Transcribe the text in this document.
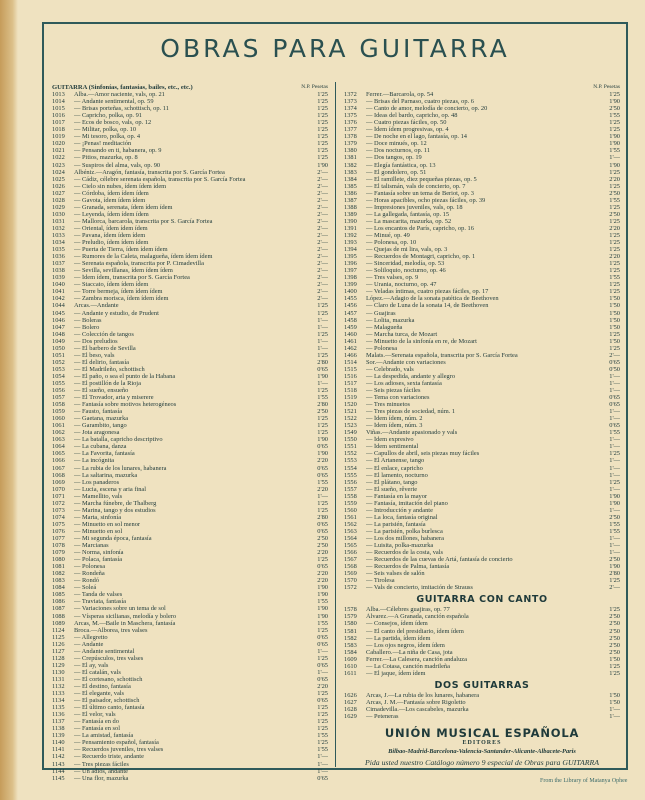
OBRAS PARA GUITARRA
GUITARRA (Sinfonías, fantasías, bailes, etc., etc.)	N.P. Pesetas
1013	Alba.—Amor naciente, vals, op. 21	1'25
1014	— Andante sentimental, op. 59	1'25
1015	— Brisas porteñas, schottisch, op. 11	1'25
1016	— Capricho, polka, op. 91	1'25
1017	— Ecos de bosco, vals, op. 12	1'25
1018	— Militar, polka, op. 10	1'25
1019	— Mi tesoro, polka, op. 4	1'25
1020	— ¡Penas! meditación	1'25
1021	— Pensando en ti, habanera, op. 9	1'25
1022	— Pitios, mazurka, op. 8	1'25
1023	— Suspiros del alma, vals, op. 90	1'90
1024	Albéniz.—Aragón, fantasía, transcrita por S. García Fortea	2'—
1025	— Cádiz, célebre serenata española, transcrita por S. García Fortea	2'—
1026	— Cielo sin nubes, ídem ídem ídem	2'—
1027	— Córdoba, ídem ídem ídem	2'—
1028	— Gavota, ídem ídem ídem	2'—
1029	— Granada, serenata, ídem ídem ídem	2'—
1030	— Leyenda, ídem ídem ídem	2'—
1031	— Mallorca, barcarola, transcrita por S. García Fortea	2'—
1032	— Oriental, ídem ídem ídem	2'—
1033	— Pavana, ídem ídem ídem	2'—
1034	— Preludio, ídem ídem ídem	2'—
1035	— Puerta de Tierra, ídem ídem ídem	2'—
1036	— Rumores de la Caleta, malagueña, ídem ídem ídem	2'—
1037	— Serenata española, transcrita por P. Cimadevilla	2'—
1038	— Sevilla, sevillanas, ídem ídem ídem	2'—
1039	— Ídem ídem, transcrita por S. García Fortea	2'—
1040	— Staccato, ídem ídem ídem	2'—
1041	— Torre bermeja, ídem ídem ídem	2'—
1042	— Zambra morisca, ídem ídem ídem	2'—
1044	Arcas.—Andante	1'25
1045	— Andante y estudio, de Prudent	1'25
1046	— Boleras	1'—
1047	— Bolero	1'—
1048	— Colección de tangos	1'25
1049	— Dos preludios	1'—
1050	— El barbero de Sevilla	1'—
1051	— El beso, vals	1'25
1052	— El delirio, fantasía	2'80
1053	— El Madrileño, schottisch	0'65
1054	— El paño, o sea el punto de la Habana	1'90
1055	— El postillón de la Rioja	1'—
1056	— El sueño, ensueño	1'25
1057	— El Trovador, aria y miserere	1'55
1058	— Fantasía sobre motivos heterogéneos	2'80
1059	— Fausto, fantasía	2'50
1060	— Gaetana, mazurka	1'25
1061	— Garambito, tango	1'25
1062	— Jota aragonesa	1'25
1063	— La batalla, capricho descriptivo	1'90
1064	— La cubana, danza	0'65
1065	— La Favorita, fantasía	1'90
1066	— La incógnita	2'20
1067	— La rubia de los lunares, habanera	0'65
1068	— La saltarina, mazurka	0'65
1069	— Los panaderos	1'55
1070	— Lucia, escena y aria final	2'20
1071	— Mamellito, vals	1'—
1072	— Marcha fúnebre, de Thalberg	1'25
1073	— Marina, tango y dos estudios	1'25
1074	— Marta, sinfonía	2'80
1075	— Minuetto en sol menor	0'65
1076	— Minuetto en sol	0'65
1077	— Mi segunda época, fantasía	2'50
1078	— Marcianas	2'50
1079	— Norma, sinfonía	2'20
1080	— Polaca, fantasía	1'25
1081	— Polonesa	0'65
1082	— Rondeña	2'20
1083	— Rondó	2'20
1084	— Soleá	1'90
1085	— Tanda de valses	1'90
1086	— Traviata, fantasía	1'55
1087	— Variaciones sobre un tema de sol	1'90
1088	— Vísperas sicilianas, melodía y bolero	1'90
1089	Arcas, M.—Baile in Maschera, fantasía	1'55
1124	Broca.—Alborea, tres valses	1'25
1125	— Allegretto	0'65
1126	— Andante	0'65
1127	— Andante sentimental	1'—
1128	— Crepúsculos, tres valses	1'25
1129	— El ay, vals	0'65
1130	— El catalán, vals	1'—
1131	— El cortesano, schottisch	0'65
1132	— El destino, fantasía	2'20
1133	— El elegante, vals	1'25
1134	— El paisador, schottisch	0'65
1135	— El último canto, fantasía	1'25
1136	— El velor, vals	1'25
1137	— Fantasía en do	1'25
1138	— Fantasía en sol	1'25
1139	— La amistad, fantasía	1'55
1140	— Pensamiento español, fantasía	1'25
1141	— Recuerdos juveniles, tres valses	1'55
1142	— Recuerdo triste, andante	1'—
1143	— Tres piezas fáciles	1'—
1144	— Un adiós, andante	1'—
1145	— Una flor, mazurka	0'65

N.P. Pesetas
1372	Ferrer.—Barcarola, op. 54	1'25
1373	— Brisas del Parnaso, cuatro piezas, op. 6	1'90
1374	— Canto de amor, melodía de concierto, op. 20	2'50
1375	— Ideas del bardo, capricho, op. 48	1'55
1376	— Cuatro piezas fáciles, op. 50	1'25
1377	— Ídem ídem progresivas, op. 4	1'25
1378	— De noche en el lago, fantasía, op. 14	1'90
1379	— Doce minués, op. 12	1'90
1380	— Dos nocturnos, op. 11	1'55
1381	— Dos tangos, op. 19	1'—
1382	— Elegía fantástica, op. 13	1'90
1383	— El gondolero, op. 51	1'25
1384	— El ramillete, diez pequeñas piezas, op. 5	2'20
1385	— El talismán, vals de concierto, op. 7	1'25
1386	— Fantasía sobre un tema de Beriot, op. 3	2'50
1387	— Horas apacibles, ocho piezas fáciles, op. 39	1'55
1388	— Impresiones juveniles, vals, op. 18	1'25
1389	— La gallegada, fantasía, op. 15	2'50
1390	— La mascarita, mazurka, op. 52	1'25
1391	— Los encantos de París, capricho, op. 16	2'20
1392	— Minué, op. 49	1'25
1393	— Polonesa, op. 10	1'25
1394	— Quejas de mi lira, vals, op. 3	1'25
1395	— Recuerdos de Montagri, capricho, op. 1	2'20
1396	— Sinceridad, melodía, op. 53	1'25
1397	— Soliloquio, nocturno, op. 46	1'25
1398	— Tres valses, op. 9	1'55
1399	— Urania, nocturno, op. 47	1'25
1400	— Veladas íntimas, cuatro piezas fáciles, op. 17	1'25
1455	López.—Adagio de la sonata patética de Beethoven	1'50
1456	— Claro de Luna de la sonata 14, de Beethoven	1'50
1457	— Guajiras	1'50
1458	— Lolita, mazurka	1'50
1459	— Malagueña	1'50
1460	— Marcha turca, de Mozart	1'25
1461	— Minuetto de la sinfonía en re, de Mozart	1'50
1462	— Polonesa	1'25
1466	Malats.—Serenata española, transcrita por S. García Fortea	2'—
1514	Sor.—Andante con variaciones	0'65
1515	— Celebrado, vals	0'50
1516	— La despedida, andante y allegro	1'—
1517	— Los adioses, sexta fantasía	1'—
1518	— Seis piezas fáciles	1'—
1519	— Tema con variaciones	0'65
1520	— Tres minuetos	0'65
1521	— Tres piezas de sociedad, núm. 1	1'—
1522	— Ídem ídem, núm. 2	1'—
1523	— Ídem ídem, núm. 3	0'65
1549	Viñas.—Andante apasionado y vals	1'55
1550	— Ídem expresivo	1'—
1551	— Ídem sentimental	1'—
1552	— Capullos de abril, seis piezas muy fáciles	1'25
1553	— El Artanense, tango	1'—
1554	— El enlace, capricho	1'—
1555	— El lamento, nocturno	1'—
1556	— El plátano, tango	1'25
1557	— El sueño, rêverie	1'—
1558	— Fantasía en la mayor	1'90
1559	— Fantasía, imitación del piano	1'90
1560	— Introducción y andante	1'—
1561	— La loca, fantasía original	2'50
1562	— La parisién, fantasía	1'55
1563	— La parisién, polka burlesca	1'55
1564	— Los dos millones, habanera	1'—
1565	— Luisita, polka-mazurka	1'—
1566	— Recuerdos de la costa, vals	1'—
1567	— Recuerdos de las cuevas de Artá, fantasía de concierto	2'50
1568	— Recuerdos de Palma, fantasía	1'90
1569	— Seis valses de salón	2'80
1570	— Tirolesa	1'25
1572	— Vals de concierto, imitación de Strauss	2'—
GUITARRA CON CANTO
1578	Alba.—Célebres guajiras, op. 77	1'25
1579	Álvarez.—A Granada, canción española	2'50
1580	— Consejos, ídem ídem	2'50
1581	— El canto del presidiario, ídem ídem	2'50
1582	— La partida, ídem ídem	2'50
1583	— Los ojos negros, ídem ídem	2'50
1584	Caballero.—La niña de Casa, jota	2'50
1609	Ferrer.—La Calesera, canción andaluza	1'50
1610	— La Cotasa, canción madrileña	1'25
1611	— El jaque, ídem ídem	1'25
DOS GUITARRAS
1626	Arcas, J.—La rubia de los lunares, habanera	1'50
1627	Arcas, J. M.—Fantasía sobre Rigoletto	1'50
1628	Cimadevilla.—Los cascabeles, mazurka	1'—
1629	— Peteneras	1'—
UNIÓN MUSICAL ESPAÑOLA
EDITORES
Bilbao-Madrid-Barcelona-Valencia-Santander-Alicante-Albacete-Paris
Pida usted nuestro Catálogo número 9 especial de Obras para GUITARRA
From the Library of Matanya Ophee
